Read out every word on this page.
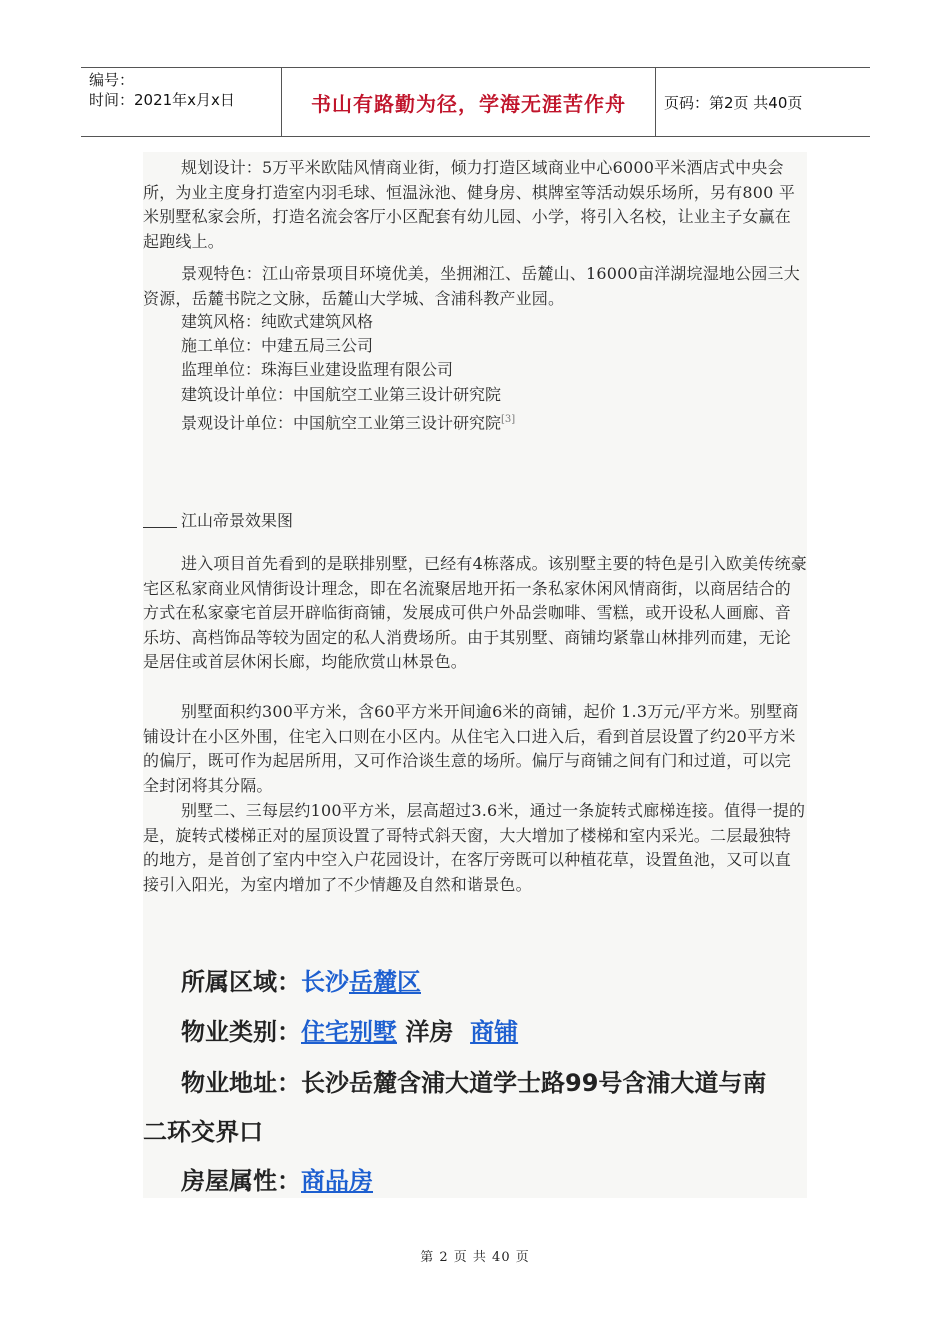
编号：
时间：2021年x月x日	书山有路勤为径，学海无涯苦作舟	页码：第2页 共40页

规划设计：5万平米欧陆风情商业街，倾力打造区域商业中心6000平米酒店式中央会所，为业主度身打造室内羽毛球、恒温泳池、健身房、棋牌室等活动娱乐场所，另有800 平米别墅私家会所，打造名流会客厅小区配套有幼儿园、小学，将引入名校，让业主子女赢在起跑线上。

景观特色：江山帝景项目环境优美，坐拥湘江、岳麓山、16000亩洋湖垸湿地公园三大资源，岳麓书院之文脉，岳麓山大学城、含浦科教产业园。

建筑风格：纯欧式建筑风格
施工单位：中建五局三公司
监理单位：珠海巨业建设监理有限公司
建筑设计单位：中国航空工业第三设计研究院
景观设计单位：中国航空工业第三设计研究院[3]
江山帝景效果图

进入项目首先看到的是联排别墅，已经有4栋落成。该别墅主要的特色是引入欧美传统豪宅区私家商业风情街设计理念，即在名流聚居地开拓一条私家休闲风情商街，以商居结合的方式在私家豪宅首层开辟临街商铺，发展成可供户外品尝咖啡、雪糕，或开设私人画廊、音乐坊、高档饰品等较为固定的私人消费场所。由于其别墅、商铺均紧靠山林排列而建，无论是居住或首层休闲长廊，均能欣赏山林景色。

别墅面积约300平方米，含60平方米开间逾6米的商铺，起价 1.3万元/平方米。别墅商铺设计在小区外围，住宅入口则在小区内。从住宅入口进入后，看到首层设置了约20平方米的偏厅，既可作为起居所用，又可作洽谈生意的场所。偏厅与商铺之间有门和过道，可以完全封闭将其分隔。

别墅二、三每层约100平方米，层高超过3.6米，通过一条旋转式廊梯连接。值得一提的是，旋转式楼梯正对的屋顶设置了哥特式斜天窗，大大增加了楼梯和室内采光。二层最独特的地方，是首创了室内中空入户花园设计，在客厅旁既可以种植花草，设置鱼池，又可以直接引入阳光，为室内增加了不少情趣及自然和谐景色。

所属区域：长沙岳麓区
物业类别：住宅别墅 洋房 商铺
物业地址：长沙岳麓含浦大道学士路99号含浦大道与南
二环交界口
房屋属性：商品房
第 2 页 共 40 页
